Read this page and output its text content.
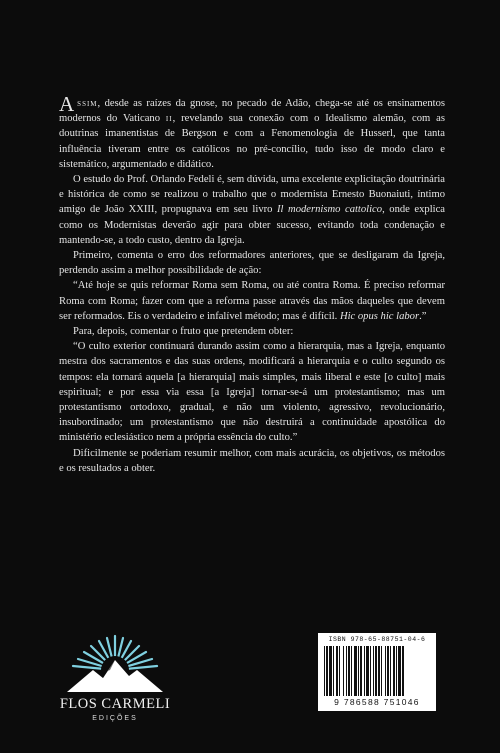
Assim, desde as raízes da gnose, no pecado de Adão, chega-se até os ensinamentos modernos do Vaticano ii, revelando sua conexão com o Idealismo alemão, com as doutrinas imanentistas de Bergson e com a Fenomenologia de Husserl, que tanta influência tiveram entre os católicos no pré-concílio, tudo isso de modo claro e sistemático, argumentado e didático.

O estudo do Prof. Orlando Fedeli é, sem dúvida, uma excelente explicitação doutrinária e histórica de como se realizou o trabalho que o modernista Ernesto Buonaiuti, íntimo amigo de João XXIII, propugnava em seu livro Il modernismo cattolico, onde explica como os Modernistas deverão agir para obter sucesso, evitando toda condenação e mantendo-se, a todo custo, dentro da Igreja.

Primeiro, comenta o erro dos reformadores anteriores, que se desligaram da Igreja, perdendo assim a melhor possibilidade de ação:

“Até hoje se quis reformar Roma sem Roma, ou até contra Roma. É preciso reformar Roma com Roma; fazer com que a reforma passe através das mãos daqueles que devem ser reformados. Eis o verdadeiro e infalível método; mas é difícil. Hic opus hic labor.”

Para, depois, comentar o fruto que pretendem obter:

“O culto exterior continuará durando assim como a hierarquia, mas a Igreja, enquanto mestra dos sacramentos e das suas ordens, modificará a hierarquia e o culto segundo os tempos: ela tornará aquela [a hierarquia] mais simples, mais liberal e este [o culto] mais espiritual; e por essa via essa [a Igreja] tornar-se-á um protestantismo; mas um protestantismo ortodoxo, gradual, e não um violento, agressivo, revolucionário, insubordinado; um protestantismo que não destruirá a continuidade apostólica do ministério eclesiástico nem a própria essência do culto.”

Dificilmente se poderiam resumir melhor, com mais acurácia, os objetivos, os métodos e os resultados a obter.

FLOS CARMELI
EDIÇÕES
ISBN 978-65-88751-04-6
9 786588 751046
